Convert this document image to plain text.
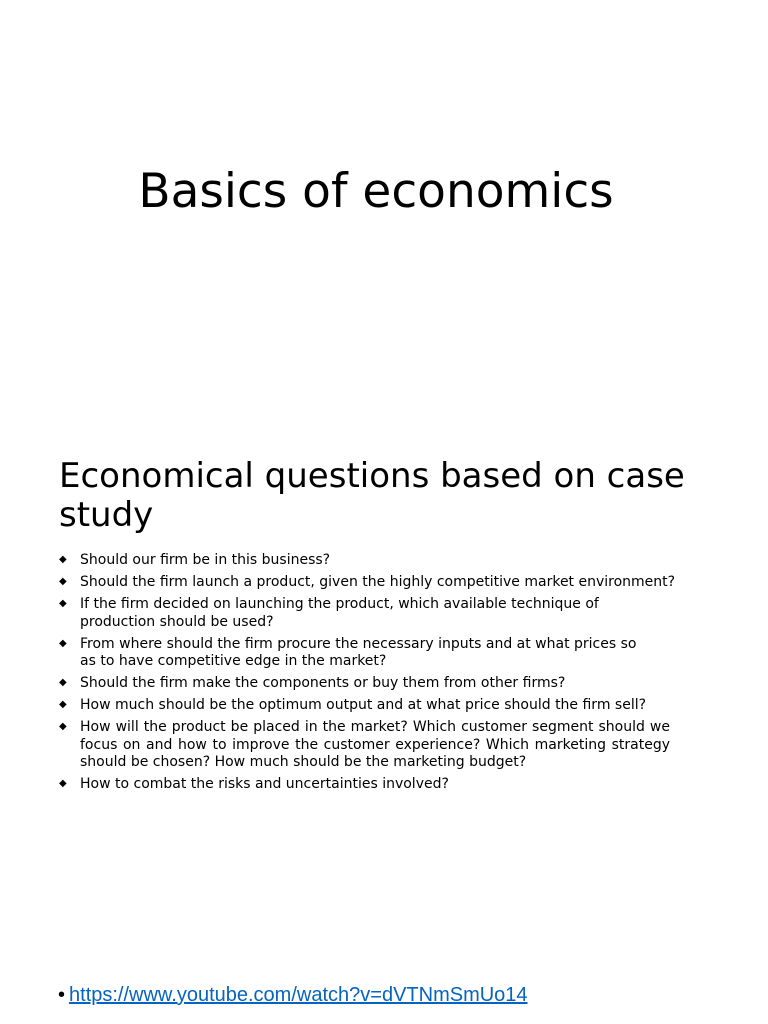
Basics of economics
Economical questions based on case study
◆ Should our firm be in this business?
◆ Should the firm launch a product, given the highly competitive market environment?
◆ If the firm decided on launching the product, which available technique of production should be used?
◆ From where should the firm procure the necessary inputs and at what prices so as to have competitive edge in the market?
◆ Should the firm make the components or buy them from other firms?
◆ How much should be the optimum output and at what price should the firm sell?
◆ How will the product be placed in the market? Which customer segment should we focus on and how to improve the customer experience? Which marketing strategy should be chosen? How much should be the marketing budget?
◆ How to combat the risks and uncertainties involved?
• https://www.youtube.com/watch?v=dVTNmSmUo14
